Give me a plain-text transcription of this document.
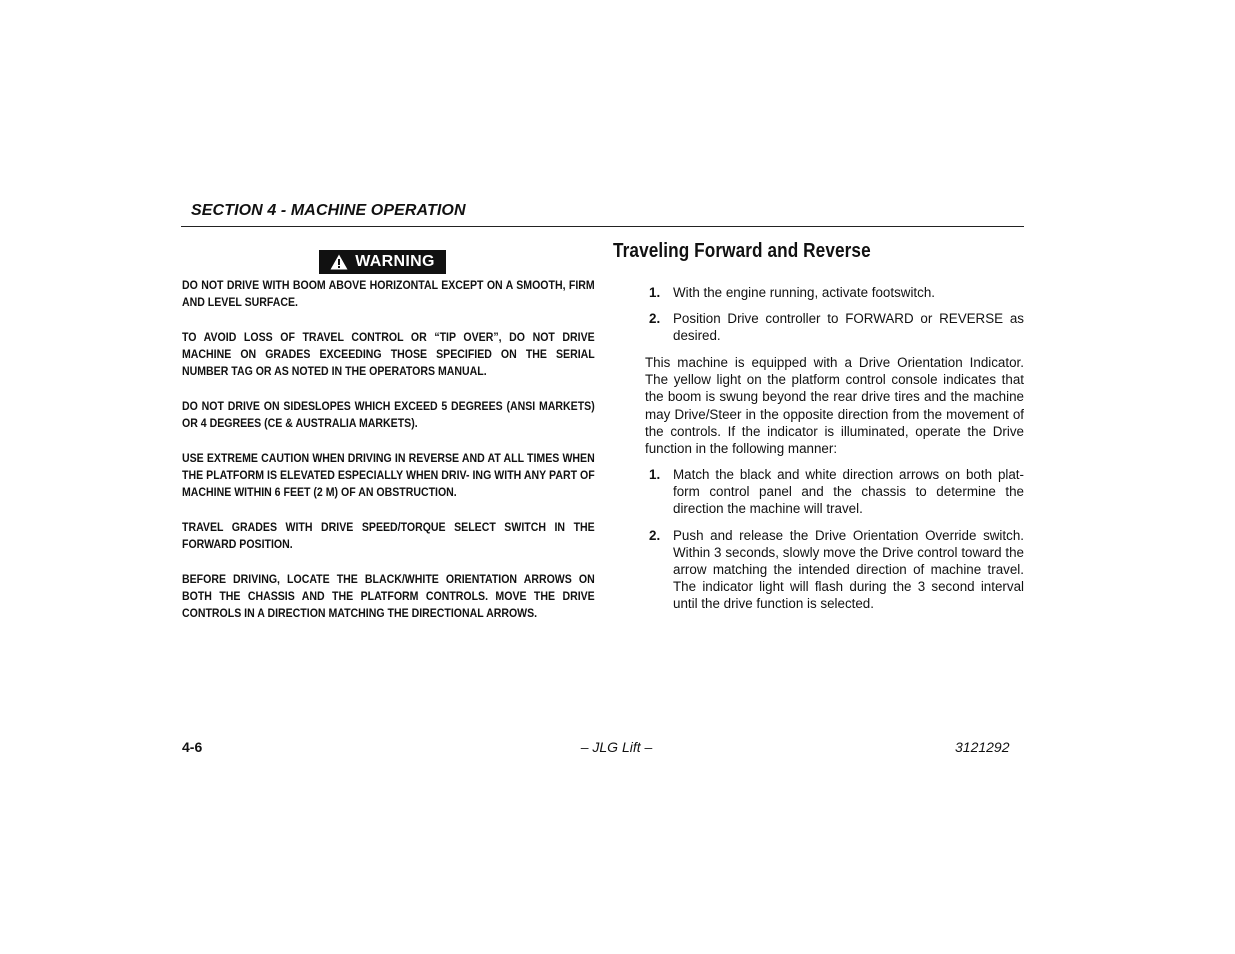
SECTION 4 - MACHINE OPERATION
WARNING

DO NOT DRIVE WITH BOOM ABOVE HORIZONTAL EXCEPT ON A SMOOTH, FIRM AND LEVEL SURFACE.

TO AVOID LOSS OF TRAVEL CONTROL OR “TIP OVER”, DO NOT DRIVE MACHINE ON GRADES EXCEEDING THOSE SPECIFIED ON THE SERIAL NUMBER TAG OR AS NOTED IN THE OPERATORS MANUAL.

DO NOT DRIVE ON SIDESLOPES WHICH EXCEED 5 DEGREES (ANSI MARKETS) OR 4 DEGREES (CE & AUSTRALIA MARKETS).

USE EXTREME CAUTION WHEN DRIVING IN REVERSE AND AT ALL TIMES WHEN THE PLATFORM IS ELEVATED ESPECIALLY WHEN DRIV- ING WITH ANY PART OF MACHINE WITHIN 6 FEET (2 M) OF AN OBSTRUCTION.

TRAVEL GRADES WITH DRIVE SPEED/TORQUE SELECT SWITCH IN THE FORWARD POSITION.

BEFORE DRIVING, LOCATE THE BLACK/WHITE ORIENTATION ARROWS ON BOTH THE CHASSIS AND THE PLATFORM CONTROLS. MOVE THE DRIVE CONTROLS IN A DIRECTION MATCHING THE DIRECTIONAL ARROWS.

Traveling Forward and Reverse

1. With the engine running, activate footswitch.

2. Position Drive controller to FORWARD or REVERSE as desired.

This machine is equipped with a Drive Orientation Indicator. The yellow light on the platform control console indicates that the boom is swung beyond the rear drive tires and the machine may Drive/Steer in the opposite direction from the movement of the controls. If the indicator is illuminated, operate the Drive function in the following manner:

1. Match the black and white direction arrows on both plat- form control panel and the chassis to determine the direction the machine will travel.

2. Push and release the Drive Orientation Override switch. Within 3 seconds, slowly move the Drive control toward the arrow matching the intended direction of machine travel. The indicator light will flash during the 3 second interval until the drive function is selected.

4-6	– JLG Lift –	3121292
